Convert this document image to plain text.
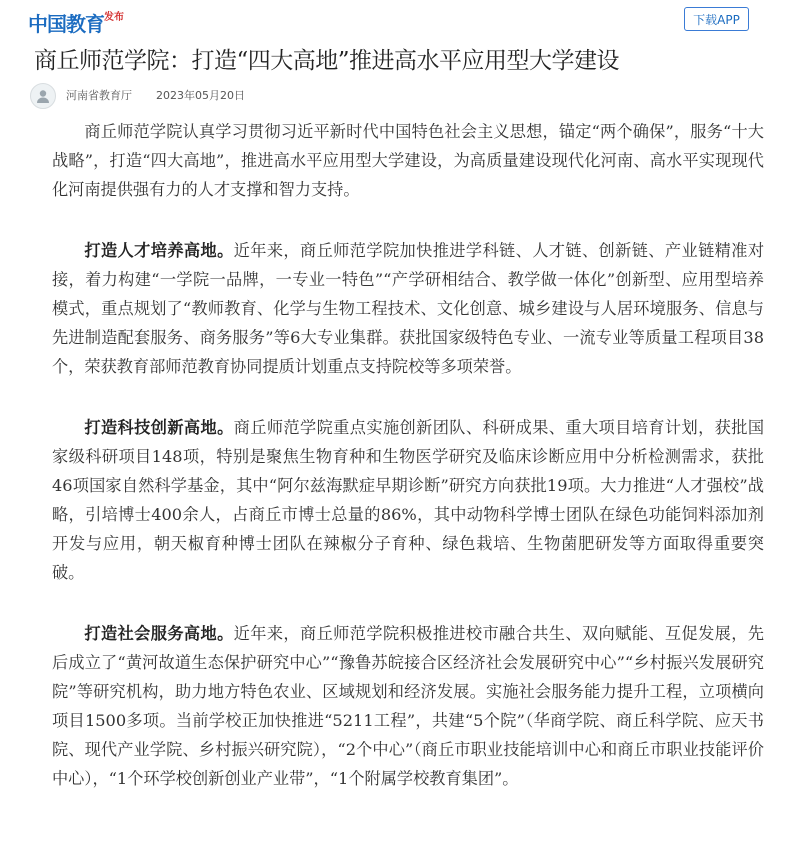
中国教育$^{发布}$	下载APP
商丘师范学院：打造“四大高地”推进高水平应用型大学建设
河南省教育厅 2023年05月20日

商丘师范学院认真学习贯彻习近平新时代中国特色社会主义思想，锚定“两个确保”，服务“十大战略”，打造“四大高地”，推进高水平应用型大学建设，为高质量建设现代化河南、高水平实现现代化河南提供强有力的人才支撑和智力支持。

打造人才培养高地。近年来，商丘师范学院加快推进学科链、人才链、创新链、产业链精准对接，着力构建“一学院一品牌，一专业一特色”“产学研相结合、教学做一体化”创新型、应用型培养模式，重点规划了“教师教育、化学与生物工程技术、文化创意、城乡建设与人居环境服务、信息与先进制造配套服务、商务服务”等6大专业集群。获批国家级特色专业、一流专业等质量工程项目38个，荣获教育部师范教育协同提质计划重点支持院校等多项荣誉。

打造科技创新高地。商丘师范学院重点实施创新团队、科研成果、重大项目培育计划，获批国家级科研项目148项，特别是聚焦生物育种和生物医学研究及临床诊断应用中分析检测需求，获批46项国家自然科学基金，其中“阿尔兹海默症早期诊断”研究方向获批19项。大力推进“人才强校”战略，引培博士400余人，占商丘市博士总量的86%，其中动物科学博士团队在绿色功能饲料添加剂开发与应用，朝天椒育种博士团队在辣椒分子育种、绿色栽培、生物菌肥研发等方面取得重要突破。

打造社会服务高地。近年来，商丘师范学院积极推进校市融合共生、双向赋能、互促发展，先后成立了“黄河故道生态保护研究中心”“豫鲁苏皖接合区经济社会发展研究中心”“乡村振兴发展研究院”等研究机构，助力地方特色农业、区域规划和经济发展。实施社会服务能力提升工程，立项横向项目1500多项。当前学校正加快推进“5211工程”，共建“5个院”（华商学院、商丘科学院、应天书院、现代产业学院、乡村振兴研究院），“2个中心”（商丘市职业技能培训中心和商丘市职业技能评价中心），“1个环学校创新创业产业带”，“1个附属学校教育集团”。
